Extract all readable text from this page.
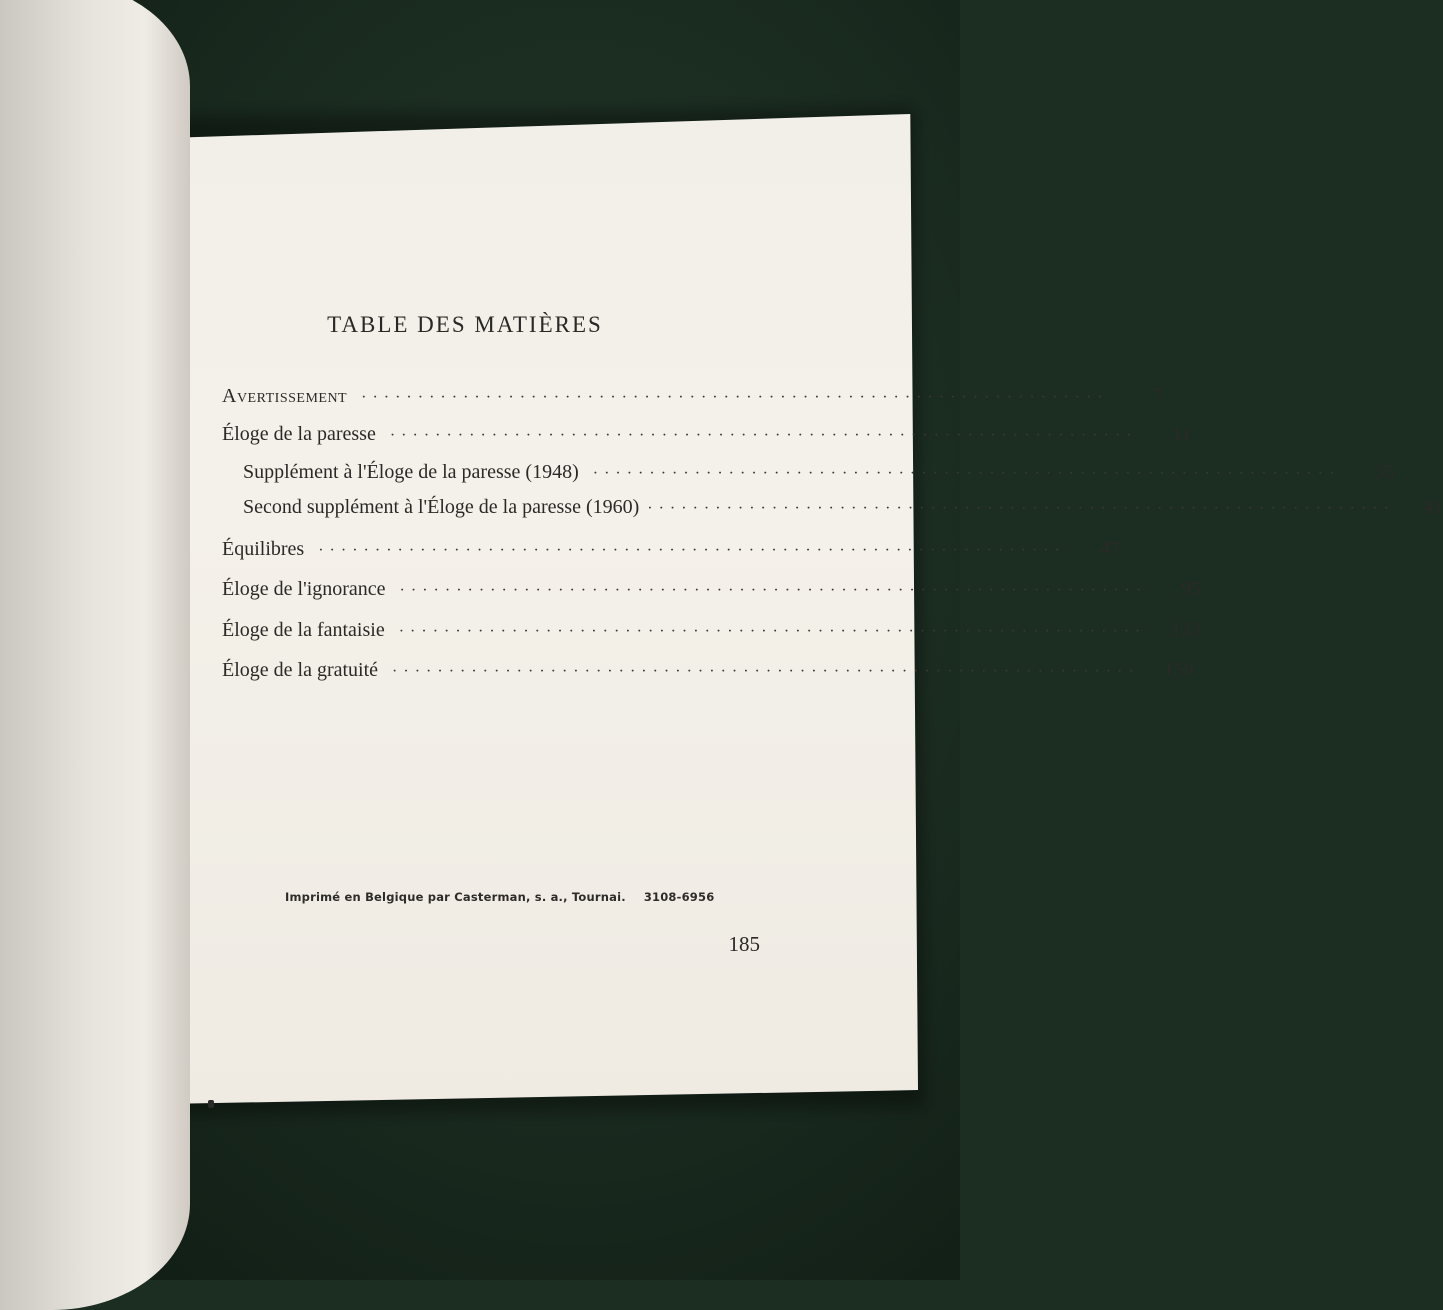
TABLE DES MATIÈRES
Avertissement ··································································	7
Éloge de la paresse ··································································	11
Supplément à l'Éloge de la paresse (1948) ··································································	35
Second supplément à l'Éloge de la paresse (1960) ··································································	41
Équilibres ··································································	47
Éloge de l'ignorance ··································································	95
Éloge de la fantaisie ··································································	133
Éloge de la gratuité ··································································	159
Imprimé en Belgique par Casterman, s. a., Tournai. 3108-6956
185
